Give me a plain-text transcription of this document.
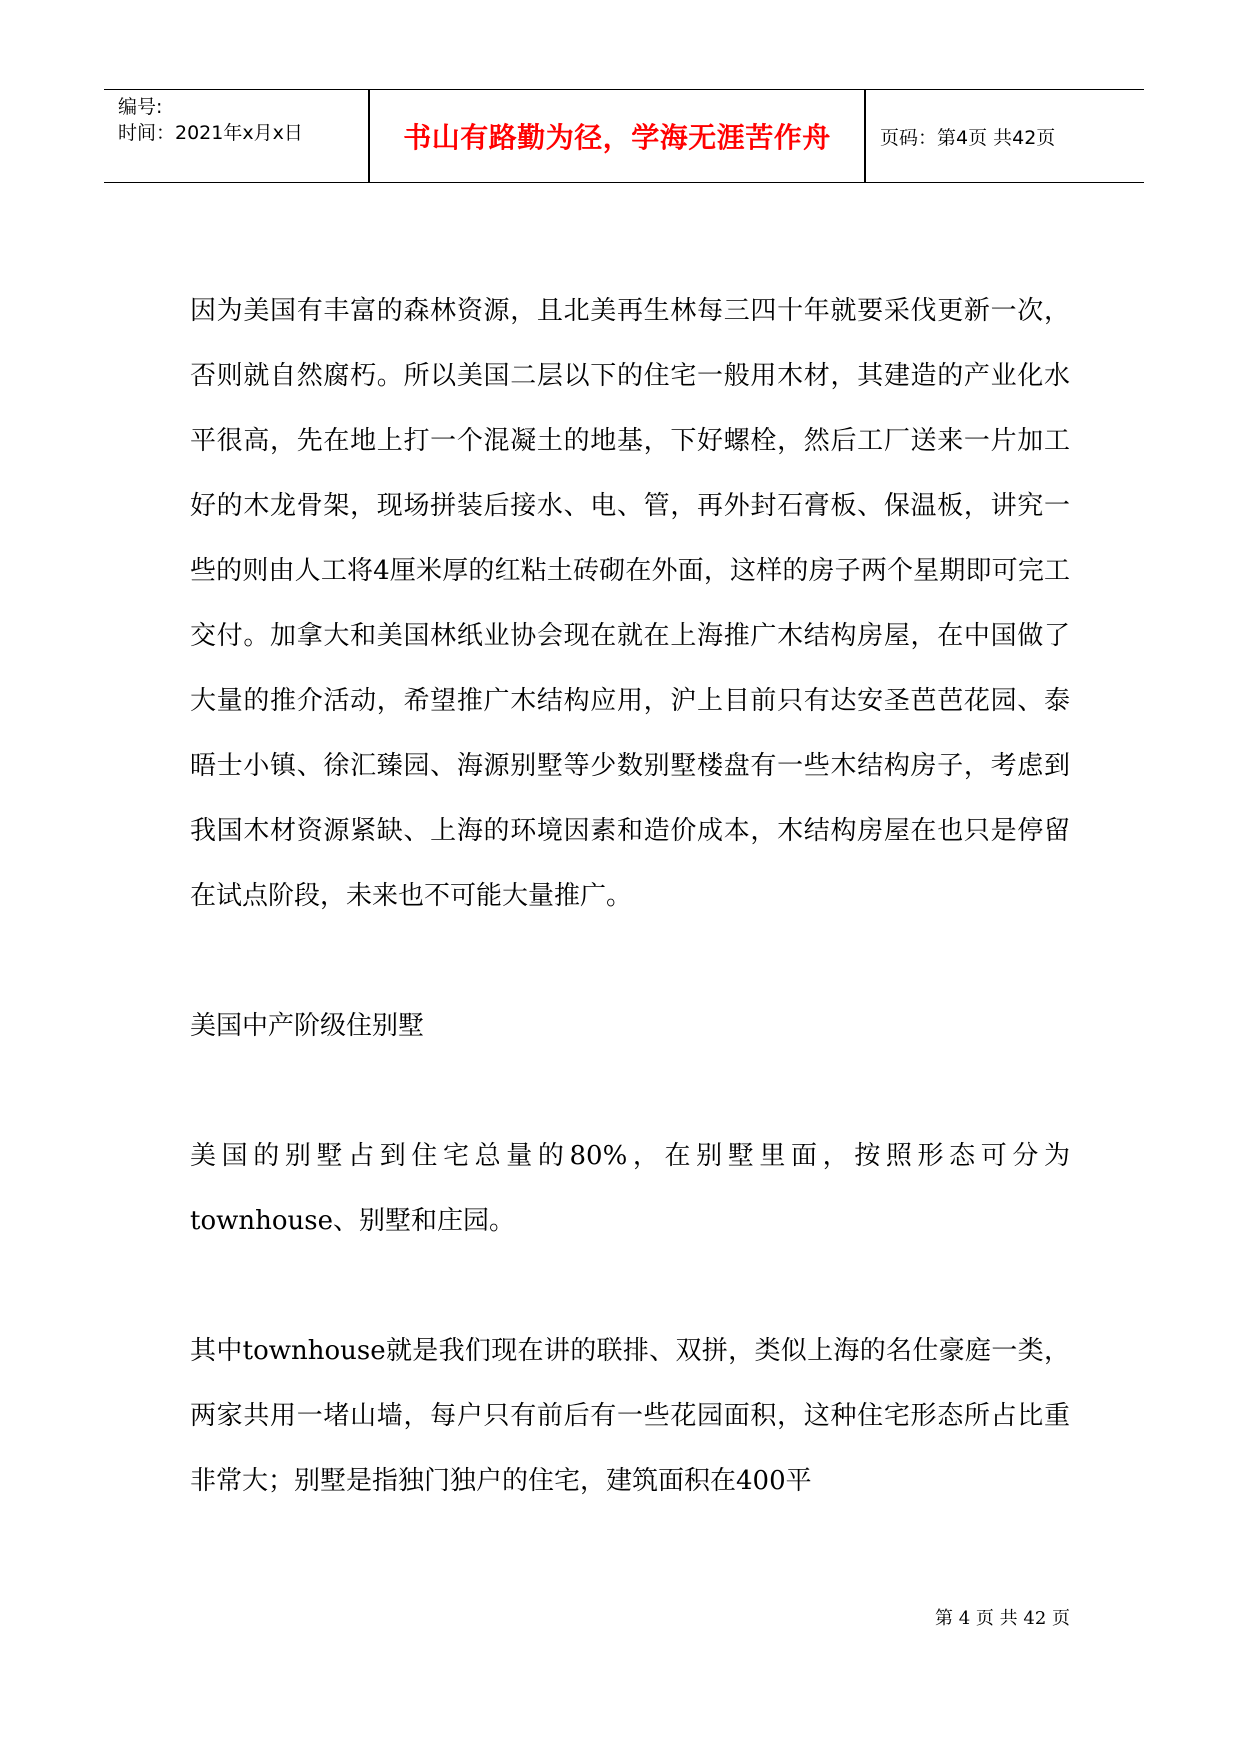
编号:
时间：2021年x月x日	书山有路勤为径，学海无涯苦作舟	页码：第4页 共42页

因为美国有丰富的森林资源，且北美再生林每三四十年就要采伐更新一次，否则就自然腐朽。所以美国二层以下的住宅一般用木材，其建造的产业化水平很高，先在地上打一个混凝土的地基，下好螺栓，然后工厂送来一片加工好的木龙骨架，现场拼装后接水、电、管，再外封石膏板、保温板，讲究一些的则由人工将4厘米厚的红粘土砖砌在外面，这样的房子两个星期即可完工交付。加拿大和美国林纸业协会现在就在上海推广木结构房屋，在中国做了大量的推介活动，希望推广木结构应用，沪上目前只有达安圣芭芭花园、泰晤士小镇、徐汇臻园、海源别墅等少数别墅楼盘有一些木结构房子，考虑到我国木材资源紧缺、上海的环境因素和造价成本，木结构房屋在也只是停留在试点阶段，未来也不可能大量推广。

美国中产阶级住别墅

美国的别墅占到住宅总量的80%，在别墅里面，按照形态可分为townhouse、别墅和庄园。

其中townhouse就是我们现在讲的联排、双拼，类似上海的名仕豪庭一类，两家共用一堵山墙，每户只有前后有一些花园面积，这种住宅形态所占比重非常大；别墅是指独门独户的住宅，建筑面积在400平

第 4 页 共 42 页
